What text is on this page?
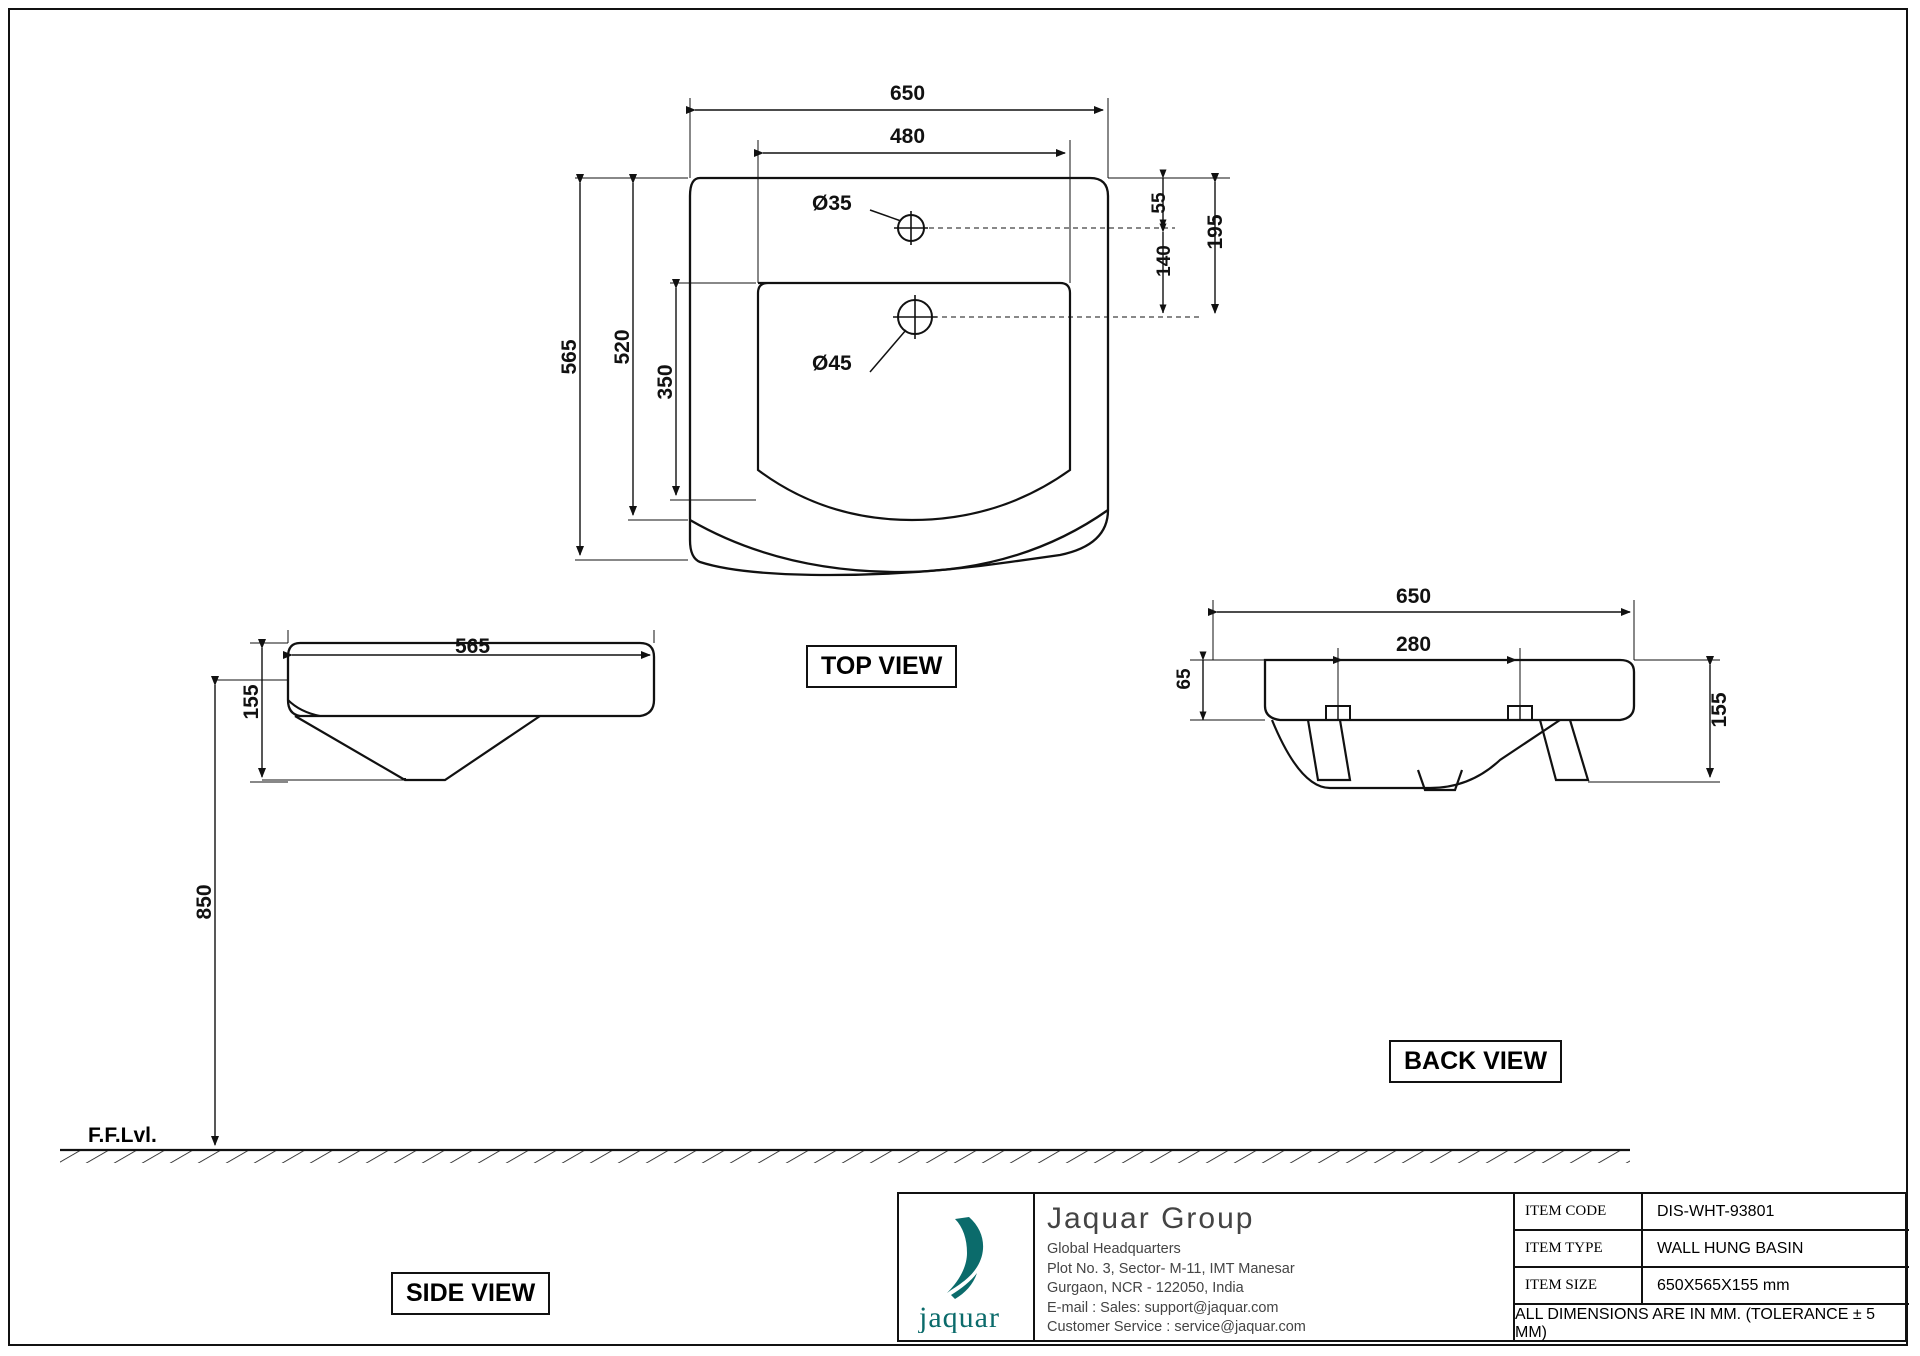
650
480
Ø35
Ø45
565 520
350
55
140
195
565
155
850
650
280
65
155
F.F.Lvl.
TOP VIEW
SIDE VIEW
BACK VIEW
jaquar
Jaquar Group
Global Headquarters
Plot No. 3, Sector- M-11, IMT Manesar
Gurgaon, NCR - 122050, India
E-mail : Sales: support@jaquar.com
Customer Service : service@jaquar.com
ITEM CODE	DIS-WHT-93801
ITEM TYPE	WALL HUNG BASIN
ITEM SIZE	650X565X155 mm
ALL DIMENSIONS ARE IN MM. (TOLERANCE ± 5 MM)
